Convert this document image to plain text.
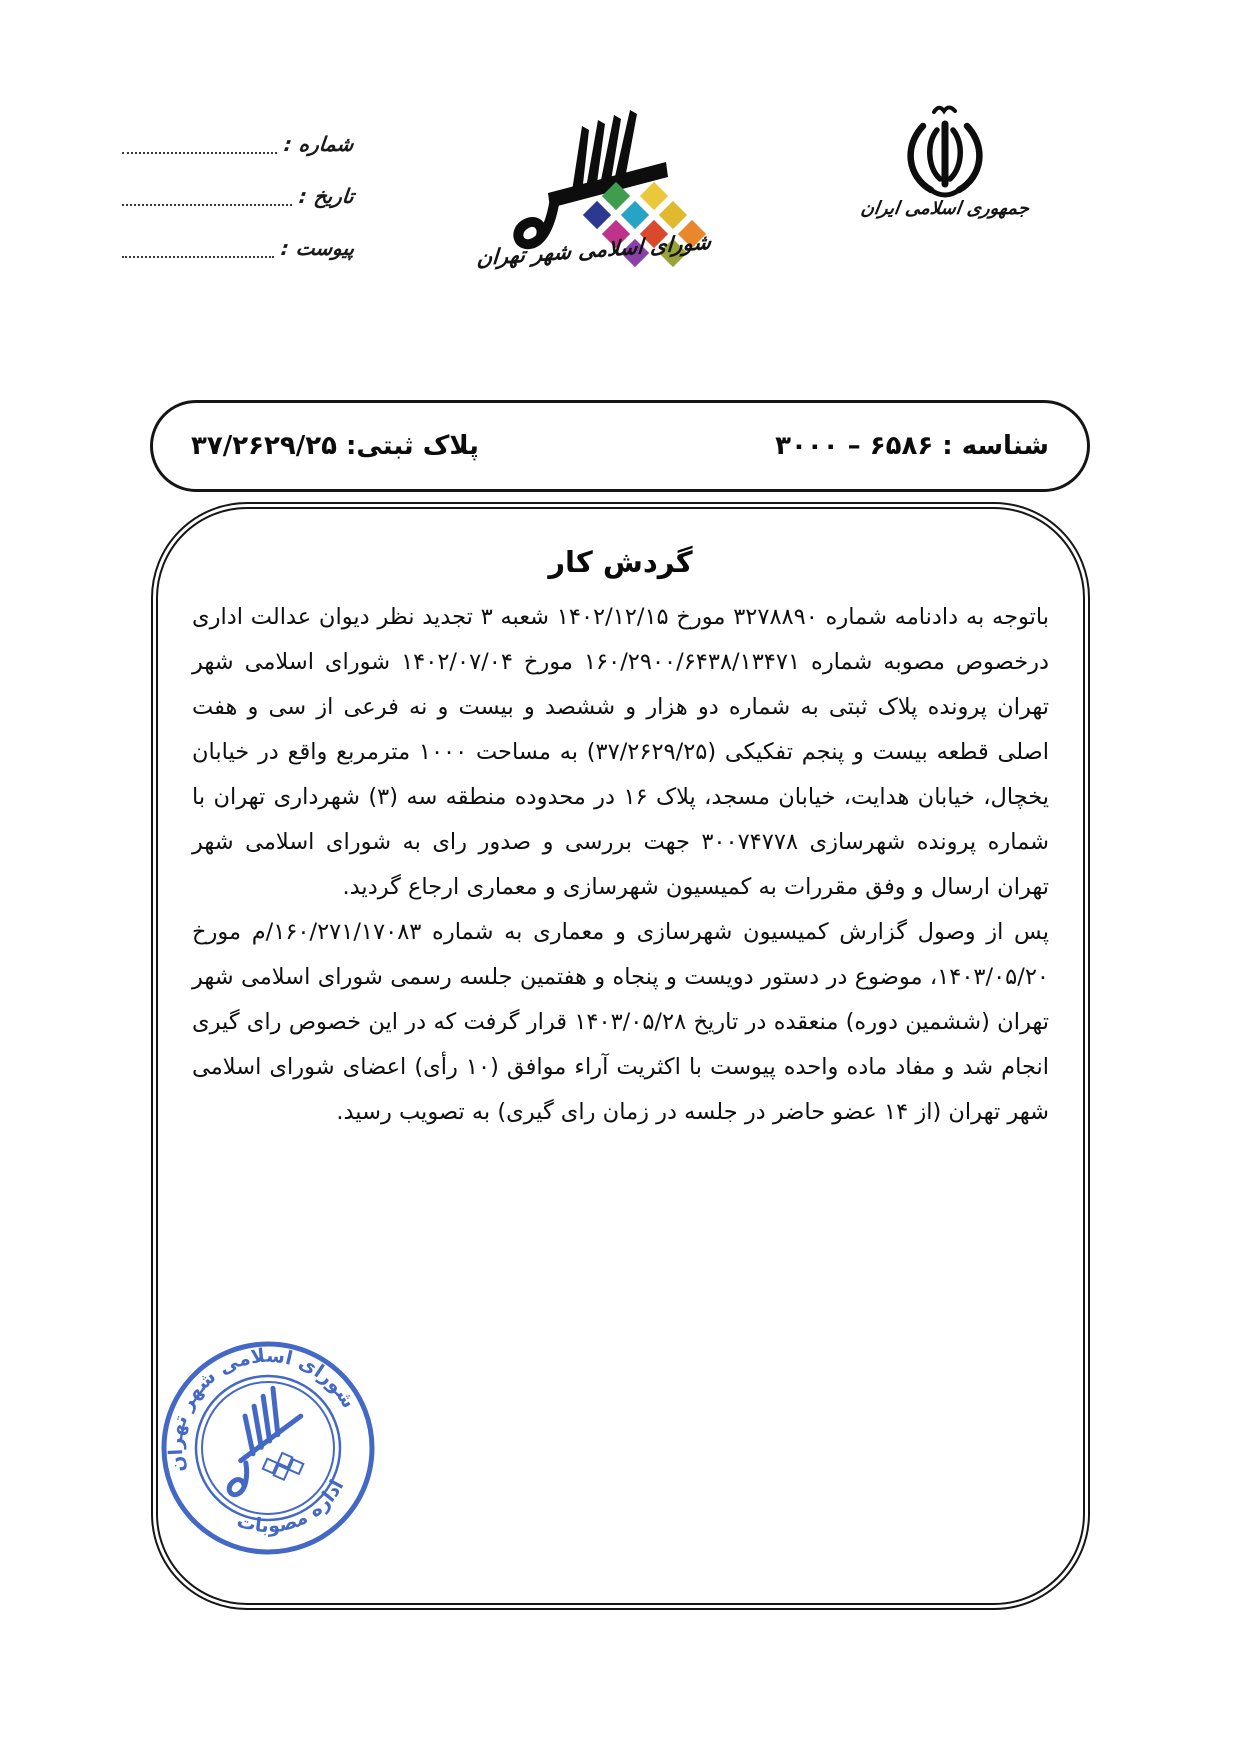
شماره :
تاریخ :
پیوست :	شورای اسلامی شهر تهران
جمهوری اسلامی ایران
شناسه : ۶۵۸۶ – ۳۰۰۰
پلاک ثبتی: ۳۷/۲۶۲۹/۲۵
گردش کار

باتوجه به دادنامه شماره ۳۲۷۸۸۹۰ مورخ ۱۴۰۲/۱۲/۱۵ شعبه ۳ تجدید نظر دیوان عدالت اداری درخصوص مصوبه شماره ۱۶۰/۲۹۰۰/۶۴۳۸/۱۳۴۷۱ مورخ ۱۴۰۲/۰۷/۰۴ شورای اسلامی شهر تهران پرونده پلاک ثبتی به شماره دو هزار و ششصد و بیست و نه فرعی از سی و هفت اصلی قطعه بیست و پنجم تفکیکی (۳۷/۲۶۲۹/۲۵) به مساحت ۱۰۰۰ مترمربع واقع در خیابان یخچال، خیابان هدایت، خیابان مسجد، پلاک ۱۶ در محدوده منطقه سه (۳) شهرداری تهران با شماره پرونده شهرسازی ۳۰۰۷۴۷۷۸ جهت بررسی و صدور رای به شورای اسلامی شهر تهران ارسال و وفق مقررات به کمیسیون شهرسازی و معماری ارجاع گردید.

پس از وصول گزارش کمیسیون شهرسازی و معماری به شماره ۱۶۰/۲۷۱/۱۷۰۸۳/م مورخ ۱۴۰۳/۰۵/۲۰، موضوع در دستور دویست و پنجاه و هفتمین جلسه رسمی شورای اسلامی شهر تهران (ششمین دوره) منعقده در تاریخ ۱۴۰۳/۰۵/۲۸ قرار گرفت که در این خصوص رای گیری انجام شد و مفاد ماده واحده پیوست با اکثریت آراء موافق (۱۰ رأی) اعضای شورای اسلامی شهر تهران (از ۱۴ عضو حاضر در جلسه در زمان رای گیری) به تصویب رسید.

شورای اسلامی شهر تهران
اداره مصوبات
